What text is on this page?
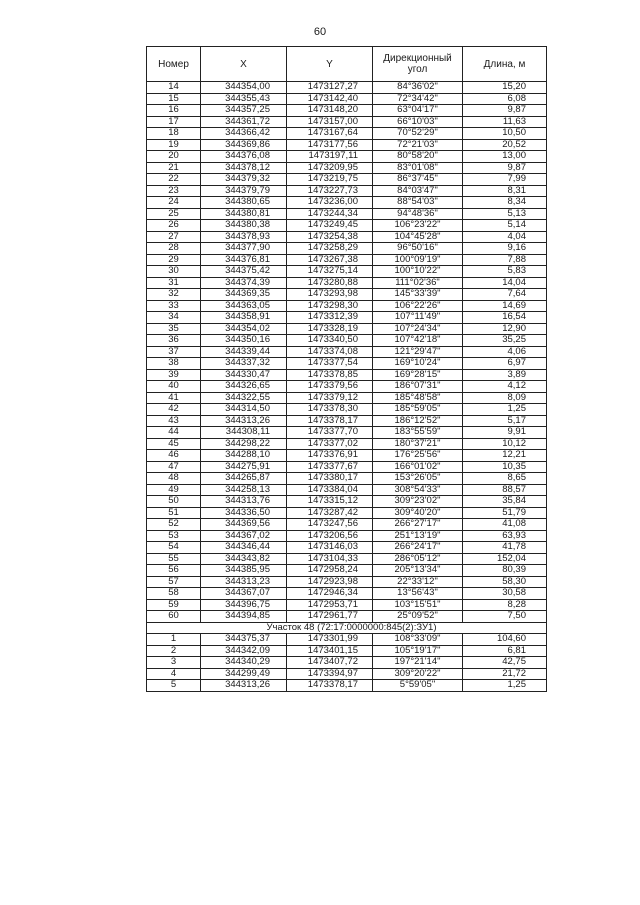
60
Номер	X	Y	Дирекционный угол	Длина, м
14	344354,00	1473127,27	84°36'02"	15,20
15	344355,43	1473142,40	72°34'42"	6,08
16	344357,25	1473148,20	63°04'17"	9,87
17	344361,72	1473157,00	66°10'03"	11,63
18	344366,42	1473167,64	70°52'29"	10,50
19	344369,86	1473177,56	72°21'03"	20,52
20	344376,08	1473197,11	80°58'20"	13,00
21	344378,12	1473209,95	83°01'08"	9,87
22	344379,32	1473219,75	86°37'45"	7,99
23	344379,79	1473227,73	84°03'47"	8,31
24	344380,65	1473236,00	88°54'03"	8,34
25	344380,81	1473244,34	94°48'36"	5,13
26	344380,38	1473249,45	106°23'22"	5,14
27	344378,93	1473254,38	104°45'28"	4,04
28	344377,90	1473258,29	96°50'16"	9,16
29	344376,81	1473267,38	100°09'19"	7,88
30	344375,42	1473275,14	100°10'22"	5,83
31	344374,39	1473280,88	111°02'36"	14,04
32	344369,35	1473293,98	145°33'39"	7,64
33	344363,05	1473298,30	106°22'26"	14,69
34	344358,91	1473312,39	107°11'49"	16,54
35	344354,02	1473328,19	107°24'34"	12,90
36	344350,16	1473340,50	107°42'18"	35,25
37	344339,44	1473374,08	121°29'47"	4,06
38	344337,32	1473377,54	169°10'24"	6,97
39	344330,47	1473378,85	169°28'15"	3,89
40	344326,65	1473379,56	186°07'31"	4,12
41	344322,55	1473379,12	185°48'58"	8,09
42	344314,50	1473378,30	185°59'05"	1,25
43	344313,26	1473378,17	186°12'52"	5,17
44	344308,11	1473377,70	183°55'59"	9,91
45	344298,22	1473377,02	180°37'21"	10,12
46	344288,10	1473376,91	176°25'56"	12,21
47	344275,91	1473377,67	166°01'02"	10,35
48	344265,87	1473380,17	153°26'05"	8,65
49	344258,13	1473384,04	308°54'33"	88,57
50	344313,76	1473315,12	309°23'02"	35,84
51	344336,50	1473287,42	309°40'20"	51,79
52	344369,56	1473247,56	266°27'17"	41,08
53	344367,02	1473206,56	251°13'19"	63,93
54	344346,44	1473146,03	266°24'17"	41,78
55	344343,82	1473104,33	286°05'12"	152,04
56	344385,95	1472958,24	205°13'34"	80,39
57	344313,23	1472923,98	22°33'12"	58,30
58	344367,07	1472946,34	13°56'43"	30,58
59	344396,75	1472953,71	103°15'51"	8,28
60	344394,85	1472961,77	25°09'52"	7,50
Участок 48 (72:17:0000000:845(2):ЗУ1)				
1	344375,37	1473301,99	108°33'09"	104,60
2	344342,09	1473401,15	105°19'17"	6,81
3	344340,29	1473407,72	197°21'14"	42,75
4	344299,49	1473394,97	309°20'22"	21,72
5	344313,26	1473378,17	5°59'05"	1,25
